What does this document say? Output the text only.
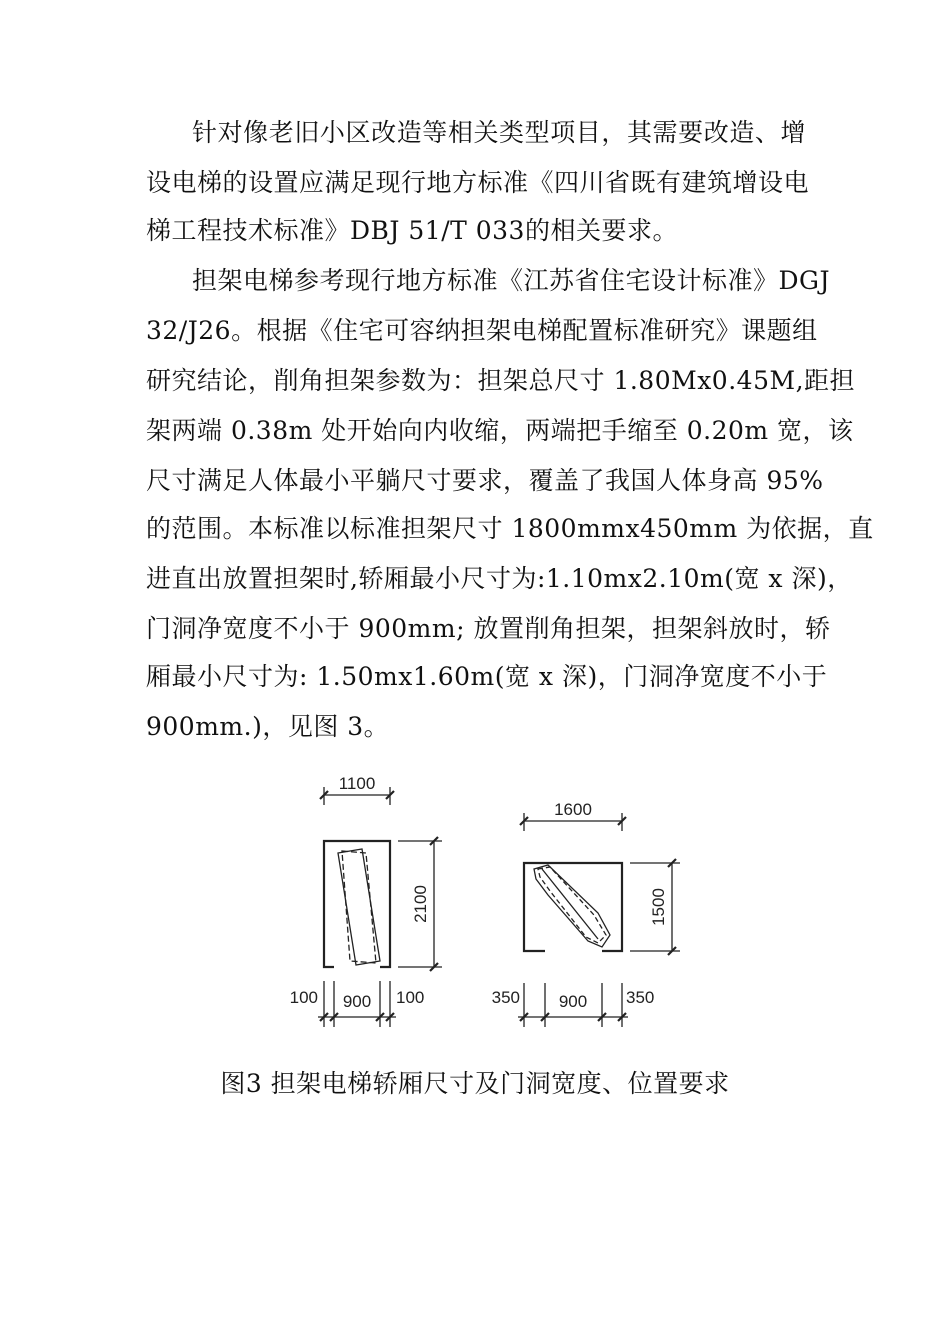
针对像老旧小区改造等相关类型项目，其需要改造、增
设电梯的设置应满足现行地方标准《四川省既有建筑增设电
梯工程技术标准》DBJ 51/T 033的相关要求。
担架电梯参考现行地方标准《江苏省住宅设计标准》DGJ
32/J26。根据《住宅可容纳担架电梯配置标准研究》课题组
研究结论，削角担架参数为：担架总尺寸 1.80Mx0.45M,距担
架两端 0.38m 处开始向内收缩，两端把手缩至 0.20m 宽，该
尺寸满足人体最小平躺尺寸要求，覆盖了我国人体身高 95%
的范围。本标准以标准担架尺寸 1800mmx450mm 为依据，直
进直出放置担架时,轿厢最小尺寸为:1.10mx2.10m(宽 x 深)，
门洞净宽度不小于 900mm; 放置削角担架，担架斜放时，轿
厢最小尺寸为: 1.50mx1.60m(宽 x 深)，门洞净宽度不小于
900mm.)，见图 3。
1100
2100
100 900 100
1600
1500
350 900 350
图3 担架电梯轿厢尺寸及门洞宽度、位置要求
